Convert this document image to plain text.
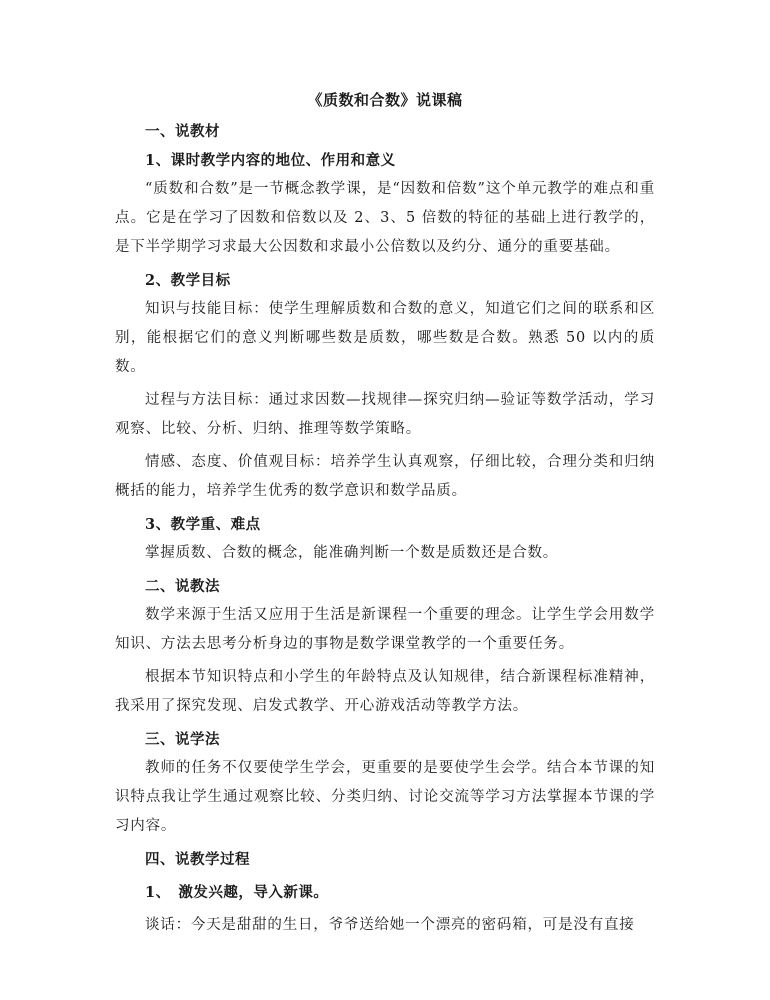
《质数和合数》说课稿
一、说教材
1、课时教学内容的地位、作用和意义

“质数和合数”是一节概念教学课，是“因数和倍数”这个单元教学的难点和重点。它是在学习了因数和倍数以及 2、3、5 倍数的特征的基础上进行教学的，是下半学期学习求最大公因数和求最小公倍数以及约分、通分的重要基础。

2、教学目标

知识与技能目标：使学生理解质数和合数的意义，知道它们之间的联系和区别，能根据它们的意义判断哪些数是质数，哪些数是合数。熟悉 50 以内的质数。

过程与方法目标：通过求因数—找规律—探究归纳—验证等数学活动，学习观察、比较、分析、归纳、推理等数学策略。

情感、态度、价值观目标：培养学生认真观察，仔细比较，合理分类和归纳概括的能力，培养学生优秀的数学意识和数学品质。

3、教学重、难点

掌握质数、合数的概念，能准确判断一个数是质数还是合数。

二、说教法

数学来源于生活又应用于生活是新课程一个重要的理念。让学生学会用数学知识、方法去思考分析身边的事物是数学课堂教学的一个重要任务。

根据本节知识特点和小学生的年龄特点及认知规律，结合新课程标准精神，我采用了探究发现、启发式教学、开心游戏活动等教学方法。

三、说学法

教师的任务不仅要使学生学会，更重要的是要使学生会学。结合本节课的知识特点我让学生通过观察比较、分类归纳、讨论交流等学习方法掌握本节课的学习内容。

四、说教学过程
1、　激发兴趣，导入新课。

谈话：今天是甜甜的生日，爷爷送给她一个漂亮的密码箱，可是没有直接
